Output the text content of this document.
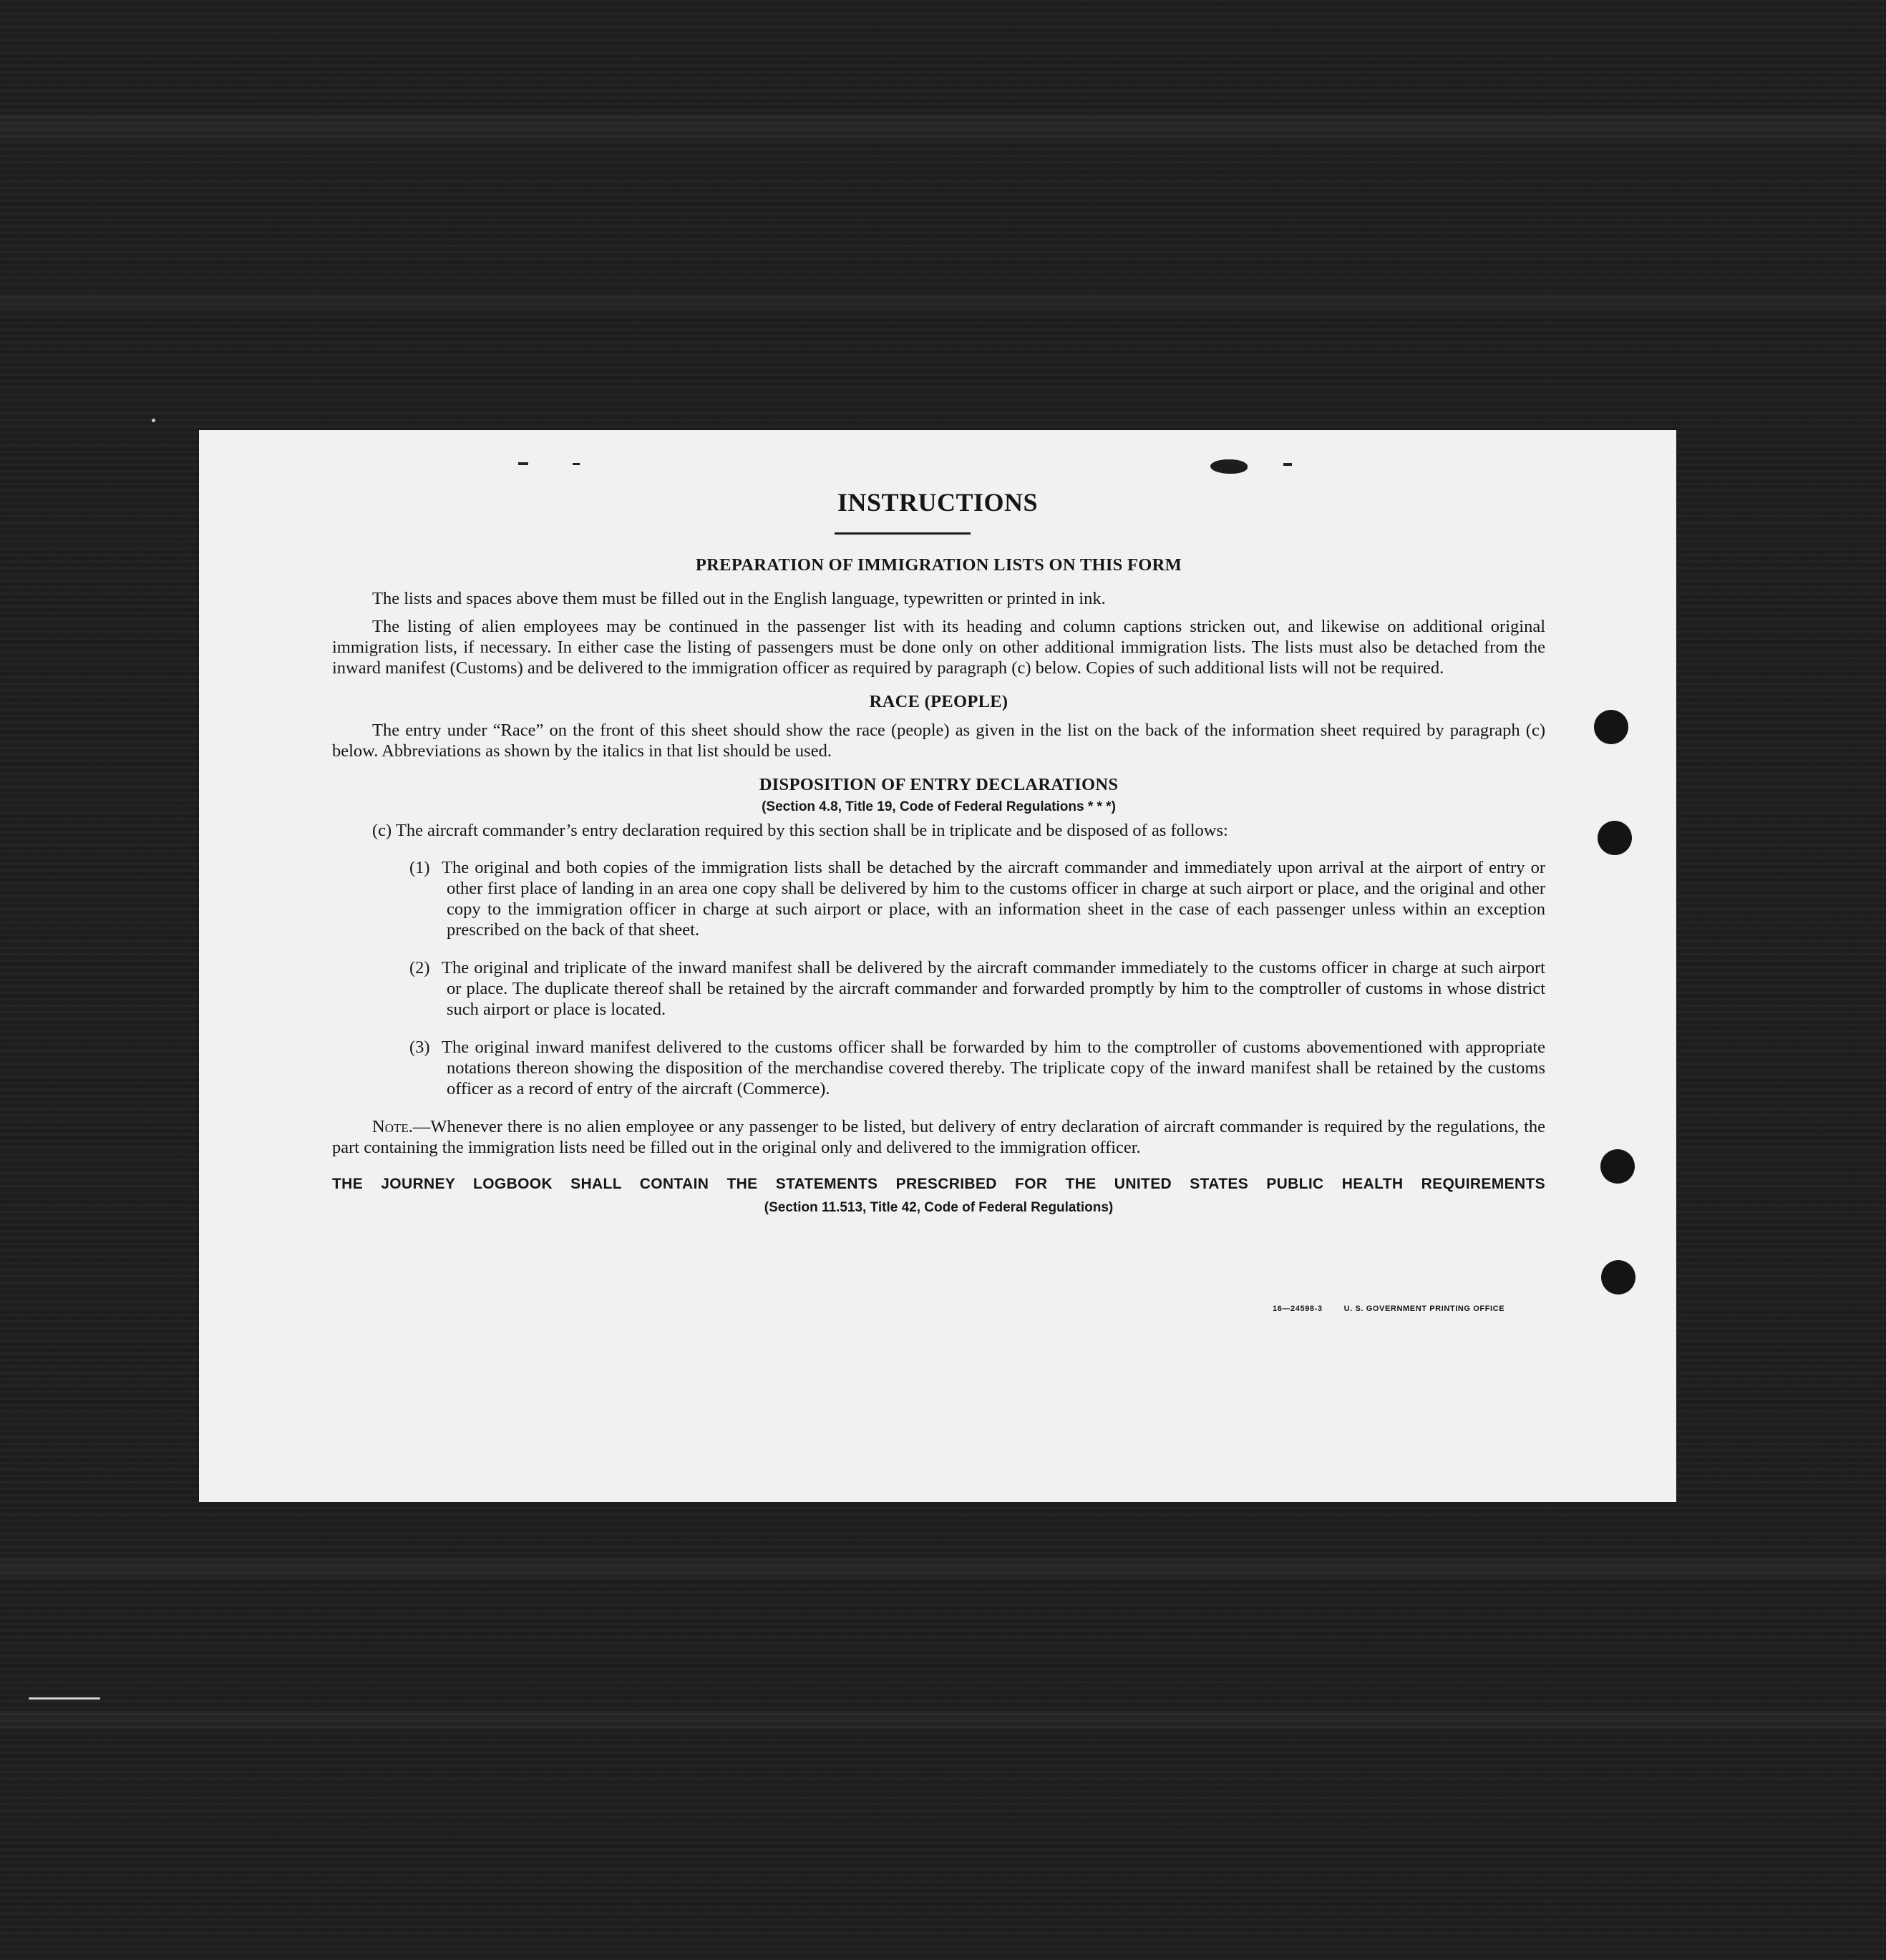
INSTRUCTIONS
PREPARATION OF IMMIGRATION LISTS ON THIS FORM

The lists and spaces above them must be filled out in the English language, typewritten or printed in ink.

The listing of alien employees may be continued in the passenger list with its heading and column captions stricken out, and likewise on additional original immigration lists, if necessary. In either case the listing of passengers must be done only on other additional immigration lists. The lists must also be detached from the inward manifest (Customs) and be delivered to the immigration officer as required by paragraph (c) below. Copies of such additional lists will not be required.

RACE (PEOPLE)

The entry under “Race” on the front of this sheet should show the race (people) as given in the list on the back of the information sheet required by paragraph (c) below. Abbreviations as shown by the italics in that list should be used.

DISPOSITION OF ENTRY DECLARATIONS
(Section 4.8, Title 19, Code of Federal Regulations * * *)

(c) The aircraft commander’s entry declaration required by this section shall be in triplicate and be disposed of as follows:

(1) The original and both copies of the immigration lists shall be detached by the aircraft commander and immediately upon arrival at the airport of entry or other first place of landing in an area one copy shall be delivered by him to the customs officer in charge at such airport or place, and the original and other copy to the immigration officer in charge at such airport or place, with an information sheet in the case of each passenger unless within an exception prescribed on the back of that sheet.
(2) The original and triplicate of the inward manifest shall be delivered by the aircraft commander immediately to the customs officer in charge at such airport or place. The duplicate thereof shall be retained by the aircraft commander and forwarded promptly by him to the comptroller of customs in whose district such airport or place is located.
(3) The original inward manifest delivered to the customs officer shall be forwarded by him to the comptroller of customs abovementioned with appropriate notations thereon showing the disposition of the merchandise covered thereby. The triplicate copy of the inward manifest shall be retained by the customs officer as a record of entry of the aircraft (Commerce).

Note.—Whenever there is no alien employee or any passenger to be listed, but delivery of entry declaration of aircraft commander is required by the regulations, the part containing the immigration lists need be filled out in the original only and delivered to the immigration officer.

THE JOURNEY LOGBOOK SHALL CONTAIN THE STATEMENTS PRESCRIBED FOR THE UNITED STATES PUBLIC HEALTH REQUIREMENTS
(Section 11.513, Title 42, Code of Federal Regulations)
16—24598-3	U. S. GOVERNMENT PRINTING OFFICE
